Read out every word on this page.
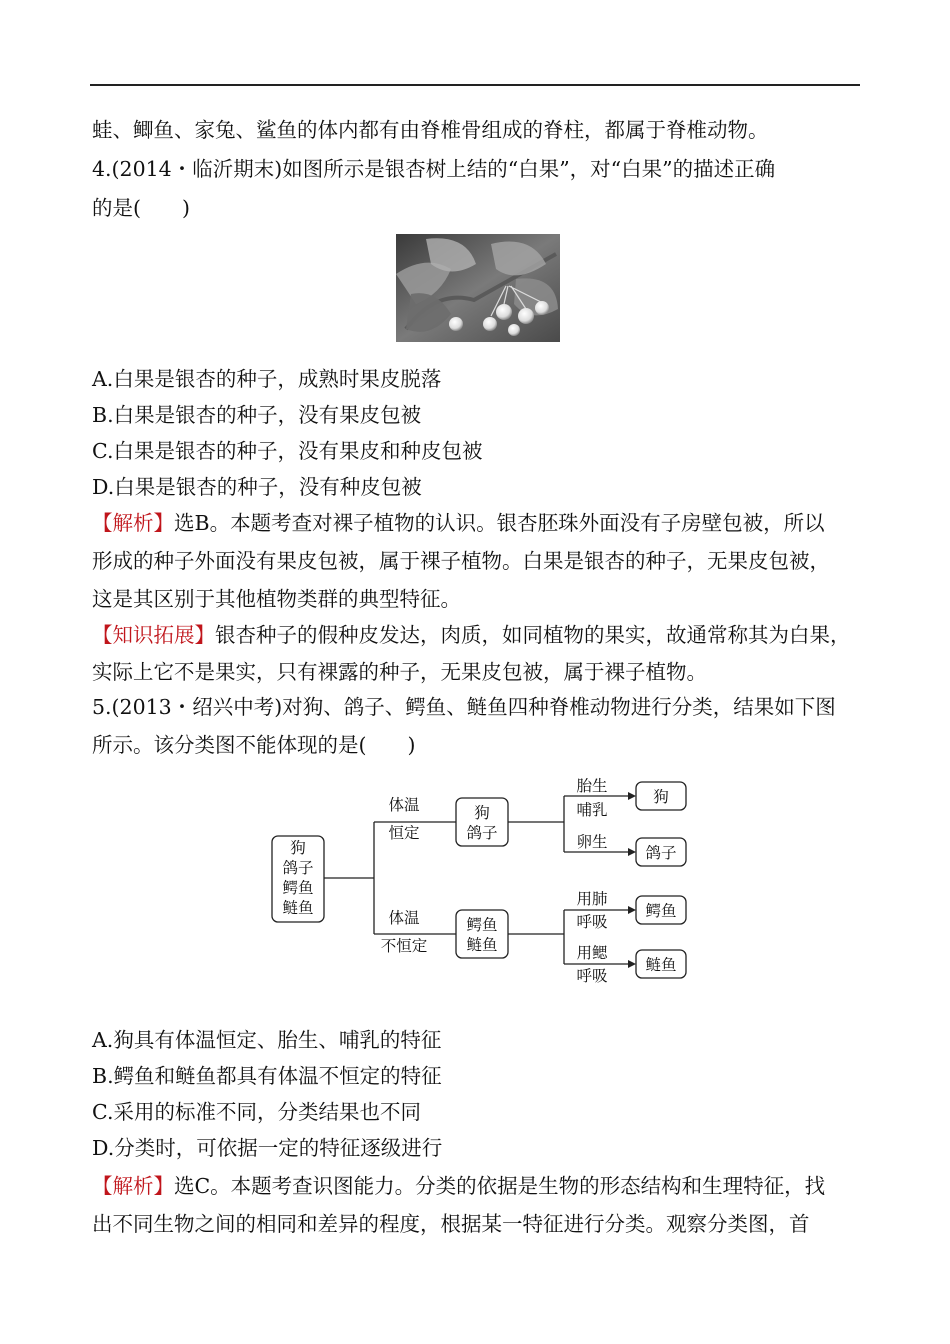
蛙、鲫鱼、家兔、鲨鱼的体内都有由脊椎骨组成的脊柱，都属于脊椎动物。
4.(2014・临沂期末)如图所示是银杏树上结的“白果”，对“白果”的描述正确
的是(　　)
A.白果是银杏的种子，成熟时果皮脱落
B.白果是银杏的种子，没有果皮包被
C.白果是银杏的种子，没有果皮和种皮包被
D.白果是银杏的种子，没有种皮包被
【解析】选B。本题考查对裸子植物的认识。银杏胚珠外面没有子房壁包被，所以
形成的种子外面没有果皮包被，属于裸子植物。白果是银杏的种子，无果皮包被，
这是其区别于其他植物类群的典型特征。
【知识拓展】银杏种子的假种皮发达，肉质，如同植物的果实，故通常称其为白果，
实际上它不是果实，只有裸露的种子，无果皮包被，属于裸子植物。
5.(2013・绍兴中考)对狗、鸽子、鳄鱼、鲢鱼四种脊椎动物进行分类，结果如下图
所示。该分类图不能体现的是(　　)
狗
鸽子
鳄鱼
鲢鱼
体温
恒定
体温
不恒定
狗
鸽子
鳄鱼
鲢鱼
胎生
哺乳
卵生
用肺
呼吸
用鳃
呼吸
狗
鸽子
鳄鱼
鲢鱼
A.狗具有体温恒定、胎生、哺乳的特征
B.鳄鱼和鲢鱼都具有体温不恒定的特征
C.采用的标准不同，分类结果也不同
D.分类时，可依据一定的特征逐级进行
【解析】选C。本题考查识图能力。分类的依据是生物的形态结构和生理特征，找
出不同生物之间的相同和差异的程度，根据某一特征进行分类。观察分类图，首
